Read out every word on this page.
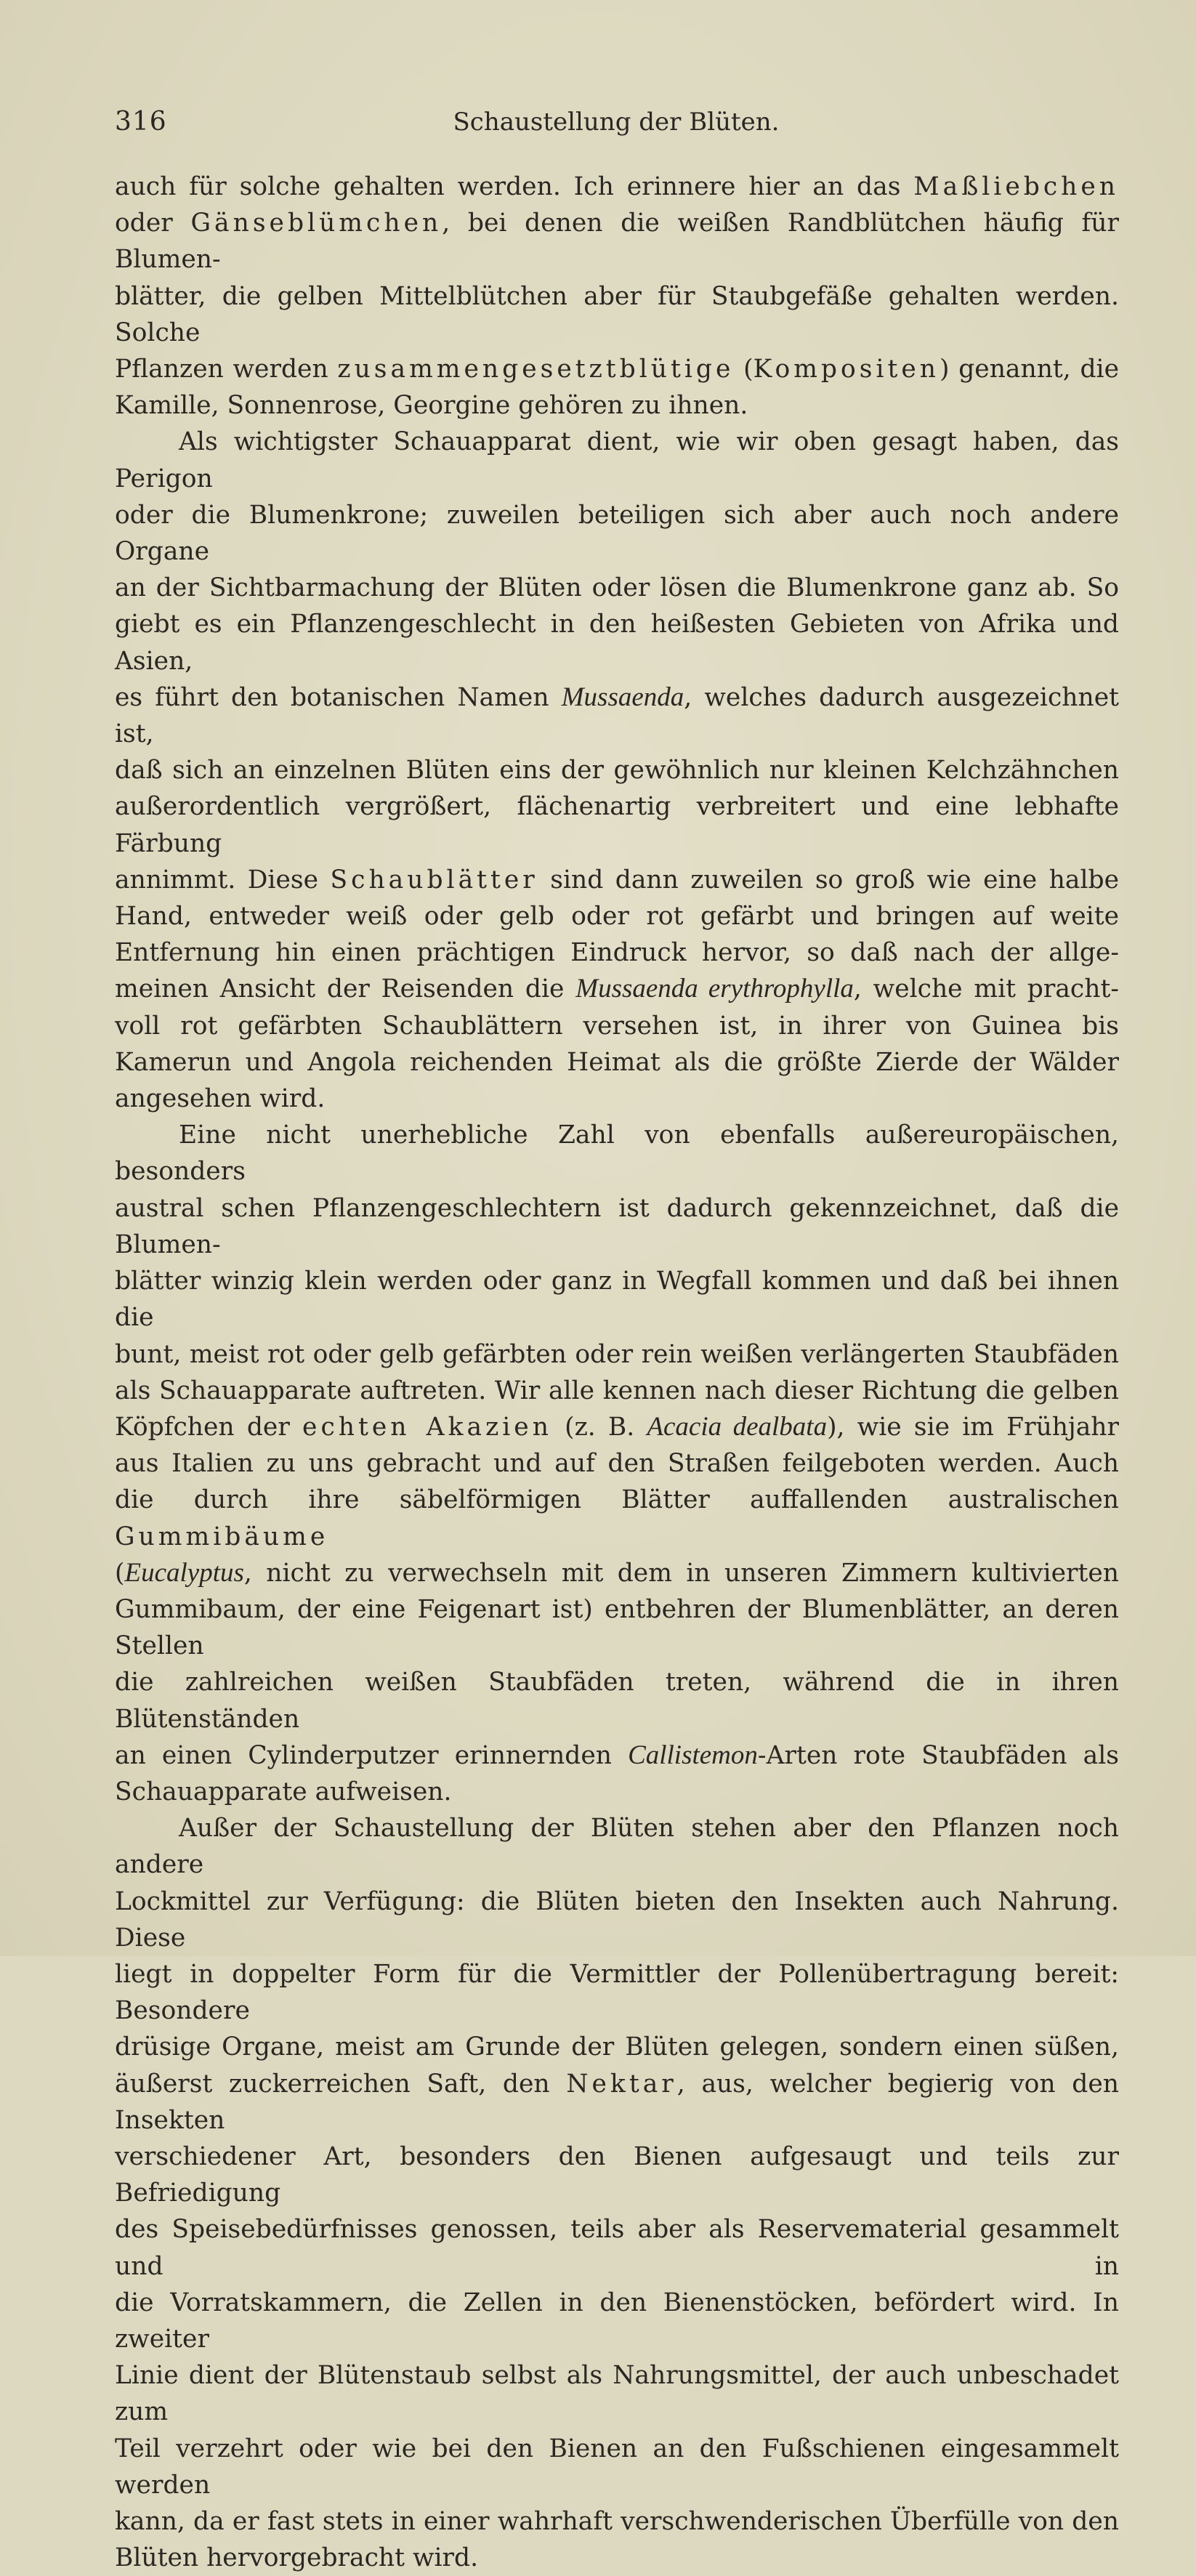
316	Schaustellung der Blüten.

auch für solche gehalten werden. Ich erinnere hier an das Maßliebchen

oder Gänseblümchen, bei denen die weißen Randblütchen häufig für Blumen-

blätter, die gelben Mittelblütchen aber für Staubgefäße gehalten werden. Solche

Pflanzen werden zusammengesetztblütige (Kompositen) genannt, die

Kamille, Sonnenrose, Georgine gehören zu ihnen.

Als wichtigster Schauapparat dient, wie wir oben gesagt haben, das Perigon

oder die Blumenkrone; zuweilen beteiligen sich aber auch noch andere Organe

an der Sichtbarmachung der Blüten oder lösen die Blumenkrone ganz ab. So

giebt es ein Pflanzengeschlecht in den heißesten Gebieten von Afrika und Asien,

es führt den botanischen Namen Mussaenda, welches dadurch ausgezeichnet ist,

daß sich an einzelnen Blüten eins der gewöhnlich nur kleinen Kelchzähnchen

außerordentlich vergrößert, flächenartig verbreitert und eine lebhafte Färbung

annimmt. Diese Schaublätter sind dann zuweilen so groß wie eine halbe

Hand, entweder weiß oder gelb oder rot gefärbt und bringen auf weite

Entfernung hin einen prächtigen Eindruck hervor, so daß nach der allge-

meinen Ansicht der Reisenden die Mussaenda erythrophylla, welche mit pracht-

voll rot gefärbten Schaublättern versehen ist, in ihrer von Guinea bis

Kamerun und Angola reichenden Heimat als die größte Zierde der Wälder

angesehen wird.

Eine nicht unerhebliche Zahl von ebenfalls außereuropäischen, besonders

austral schen Pflanzengeschlechtern ist dadurch gekennzeichnet, daß die Blumen-

blätter winzig klein werden oder ganz in Wegfall kommen und daß bei ihnen die

bunt, meist rot oder gelb gefärbten oder rein weißen verlängerten Staubfäden

als Schauapparate auftreten. Wir alle kennen nach dieser Richtung die gelben

Köpfchen der echten Akazien (z. B. Acacia dealbata), wie sie im Frühjahr

aus Italien zu uns gebracht und auf den Straßen feilgeboten werden. Auch

die durch ihre säbelförmigen Blätter auffallenden australischen Gummibäume

(Eucalyptus, nicht zu verwechseln mit dem in unseren Zimmern kultivierten

Gummibaum, der eine Feigenart ist) entbehren der Blumenblätter, an deren Stellen

die zahlreichen weißen Staubfäden treten, während die in ihren Blütenständen

an einen Cylinderputzer erinnernden Callistemon-Arten rote Staubfäden als

Schauapparate aufweisen.

Außer der Schaustellung der Blüten stehen aber den Pflanzen noch andere

Lockmittel zur Verfügung: die Blüten bieten den Insekten auch Nahrung. Diese

liegt in doppelter Form für die Vermittler der Pollenübertragung bereit: Besondere

drüsige Organe, meist am Grunde der Blüten gelegen, sondern einen süßen,

äußerst zuckerreichen Saft, den Nektar, aus, welcher begierig von den Insekten

verschiedener Art, besonders den Bienen aufgesaugt und teils zur Befriedigung

des Speisebedürfnisses genossen, teils aber als Reservematerial gesammelt und in

die Vorratskammern, die Zellen in den Bienenstöcken, befördert wird. In zweiter

Linie dient der Blütenstaub selbst als Nahrungsmittel, der auch unbeschadet zum

Teil verzehrt oder wie bei den Bienen an den Fußschienen eingesammelt werden

kann, da er fast stets in einer wahrhaft verschwenderischen Überfülle von den

Blüten hervorgebracht wird.
